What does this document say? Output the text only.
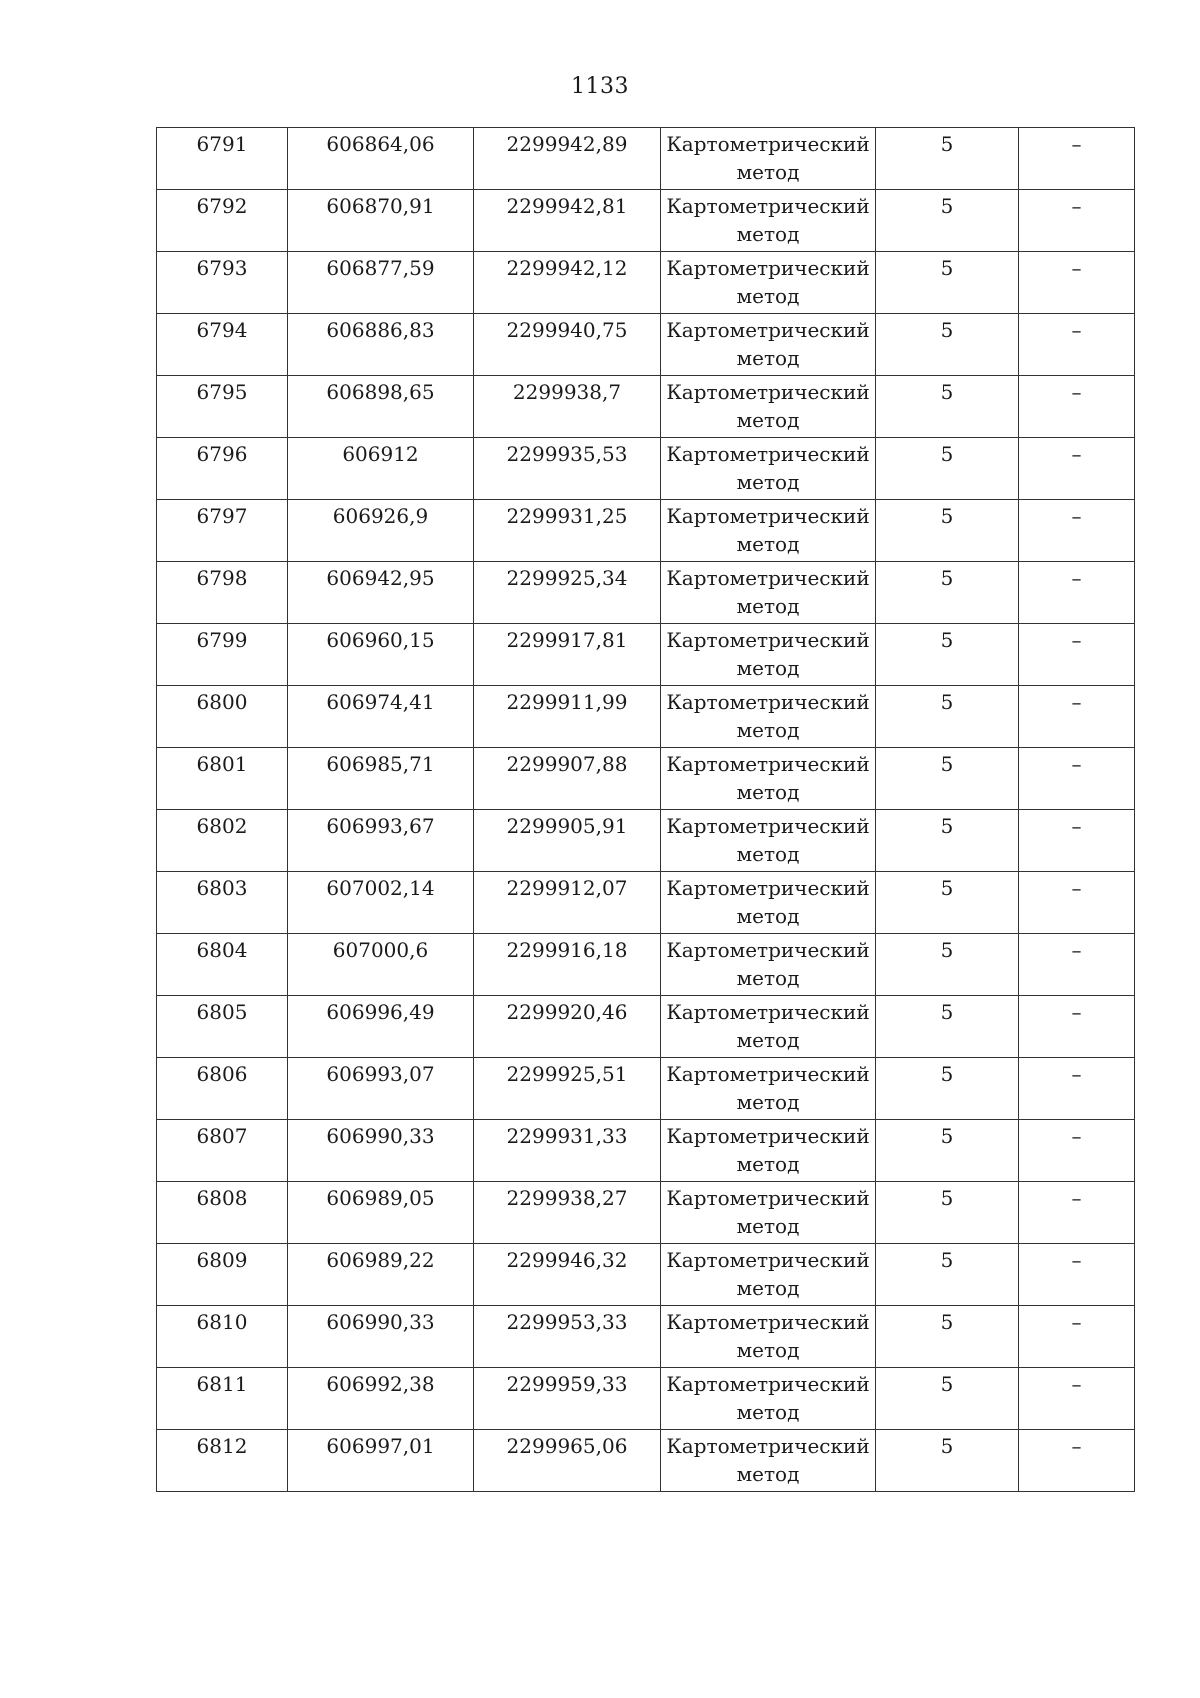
1133
6791	606864,06	2299942,89	Картометрический метод	5	–
6792	606870,91	2299942,81	Картометрический метод	5	–
6793	606877,59	2299942,12	Картометрический метод	5	–
6794	606886,83	2299940,75	Картометрический метод	5	–
6795	606898,65	2299938,7	Картометрический метод	5	–
6796	606912	2299935,53	Картометрический метод	5	–
6797	606926,9	2299931,25	Картометрический метод	5	–
6798	606942,95	2299925,34	Картометрический метод	5	–
6799	606960,15	2299917,81	Картометрический метод	5	–
6800	606974,41	2299911,99	Картометрический метод	5	–
6801	606985,71	2299907,88	Картометрический метод	5	–
6802	606993,67	2299905,91	Картометрический метод	5	–
6803	607002,14	2299912,07	Картометрический метод	5	–
6804	607000,6	2299916,18	Картометрический метод	5	–
6805	606996,49	2299920,46	Картометрический метод	5	–
6806	606993,07	2299925,51	Картометрический метод	5	–
6807	606990,33	2299931,33	Картометрический метод	5	–
6808	606989,05	2299938,27	Картометрический метод	5	–
6809	606989,22	2299946,32	Картометрический метод	5	–
6810	606990,33	2299953,33	Картометрический метод	5	–
6811	606992,38	2299959,33	Картометрический метод	5	–
6812	606997,01	2299965,06	Картометрический метод	5	–
